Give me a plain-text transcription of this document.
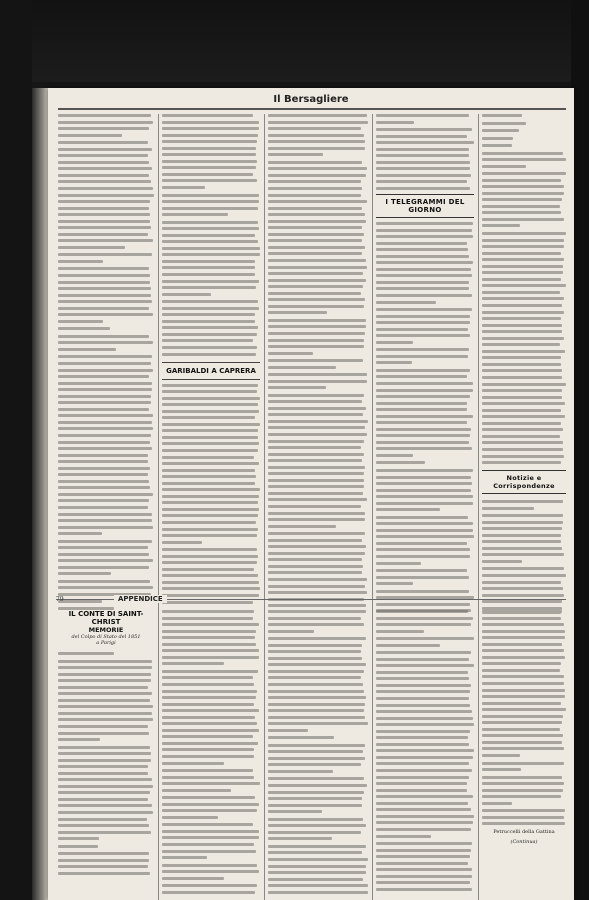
Il Bersagliere
GARIBALDI A CAPRERA
I TELEGRAMMI DEL GIORNO
Notizie e Corrispondenze
APPENDICE
79
IL CONTE DI SAINT-CHRIST
MEMORIE
del Colpo di Stato del 1851
a Parigi
Petruccelli della Gattina
(Continua)
